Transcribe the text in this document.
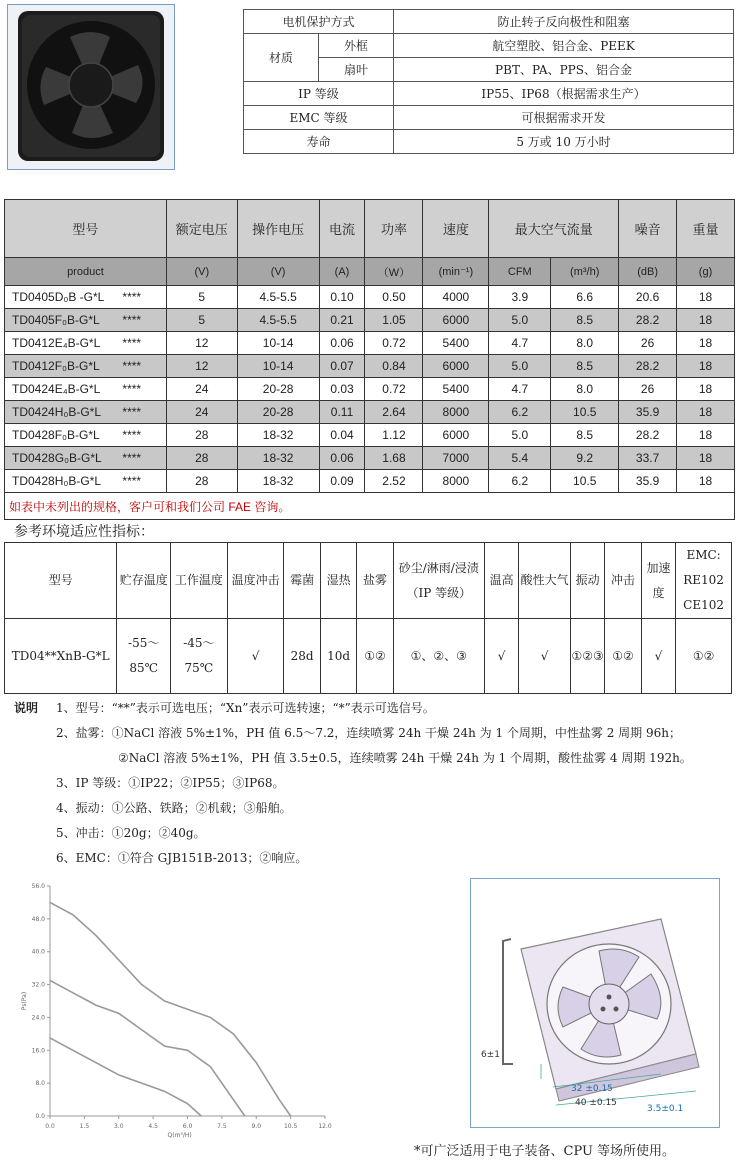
电机保护方式		防止转子反向极性和阻塞
材质	外框	航空塑胶、铝合金、PEEK
	扇叶	PBT、PA、PPS、铝合金
IP 等级		IP55、IP68（根据需求生产）
EMC 等级		可根据需求开发
寿命		5 万或 10 万小时
型号		额定电压	操作电压	电流	功率	速度	最大空气流量		噪音	重量
product		(V)	(V)	(A)	（W）	(min⁻¹)	CFM	(m³/h)	(dB)	(g)
TD0405D₀B -G*L	****	5	4.5-5.5	0.10	0.50	4000	3.9	6.6	20.6	18
TD0405F₀B-G*L	****	5	4.5-5.5	0.21	1.05	6000	5.0	8.5	28.2	18
TD0412E₄B-G*L	****	12	10-14	0.06	0.72	5400	4.7	8.0	26	18
TD0412F₀B-G*L	****	12	10-14	0.07	0.84	6000	5.0	8.5	28.2	18
TD0424E₄B-G*L	****	24	20-28	0.03	0.72	5400	4.7	8.0	26	18
TD0424H₀B-G*L	****	24	20-28	0.11	2.64	8000	6.2	10.5	35.9	18
TD0428F₀B-G*L	****	28	18-32	0.04	1.12	6000	5.0	8.5	28.2	18
TD0428G₀B-G*L	****	28	18-32	0.06	1.68	7000	5.4	9.2	33.7	18
TD0428H₀B-G*L	****	28	18-32	0.09	2.52	8000	6.2	10.5	35.9	18
如表中未列出的规格，客户可和我们公司 FAE 咨询。										
参考环境适应性指标：
型号	贮存温度	工作温度	温度冲击	霉菌	湿热	盐雾	砂尘/淋雨/浸渍（IP 等级）	温高	酸性大气	振动	冲击	加速度	EMC: RE102 CE102
TD04**XnB-G*L	-55～85℃	-45～75℃	√	28d	10d	①②	①、②、③	√	√	①②③	①②	√	①②
说明 1、型号：“**”表示可选电压；“Xn”表示可选转速；“*”表示可选信号。
2、盐雾：①NaCl 溶液 5%±1%，PH 值 6.5～7.2，连续喷雾 24h 干燥 24h 为 1 个周期，中性盐雾 2 周期 96h；
②NaCl 溶液 5%±1%，PH 值 3.5±0.5，连续喷雾 24h 干燥 24h 为 1 个周期，酸性盐雾 4 周期 192h。
3、IP 等级：①IP22；②IP55；③IP68。
4、振动：①公路、铁路；②机载；③船舶。
5、冲击：①20g；②40g。
6、EMC：①符合 GJB151B-2013；②响应。
0.0
8.0
16.0
24.0
32.0
40.0
48.0
56.0
0.0	1.5	3.0	4.5	6.0	7.5	9.0	10.5	12.0
Q(m³/H)
Ps(Pa)
6±1
32 ±0.15
40 ±0.15
3.5±0.1
*可广泛适用于电子装备、CPU 等场所使用。
